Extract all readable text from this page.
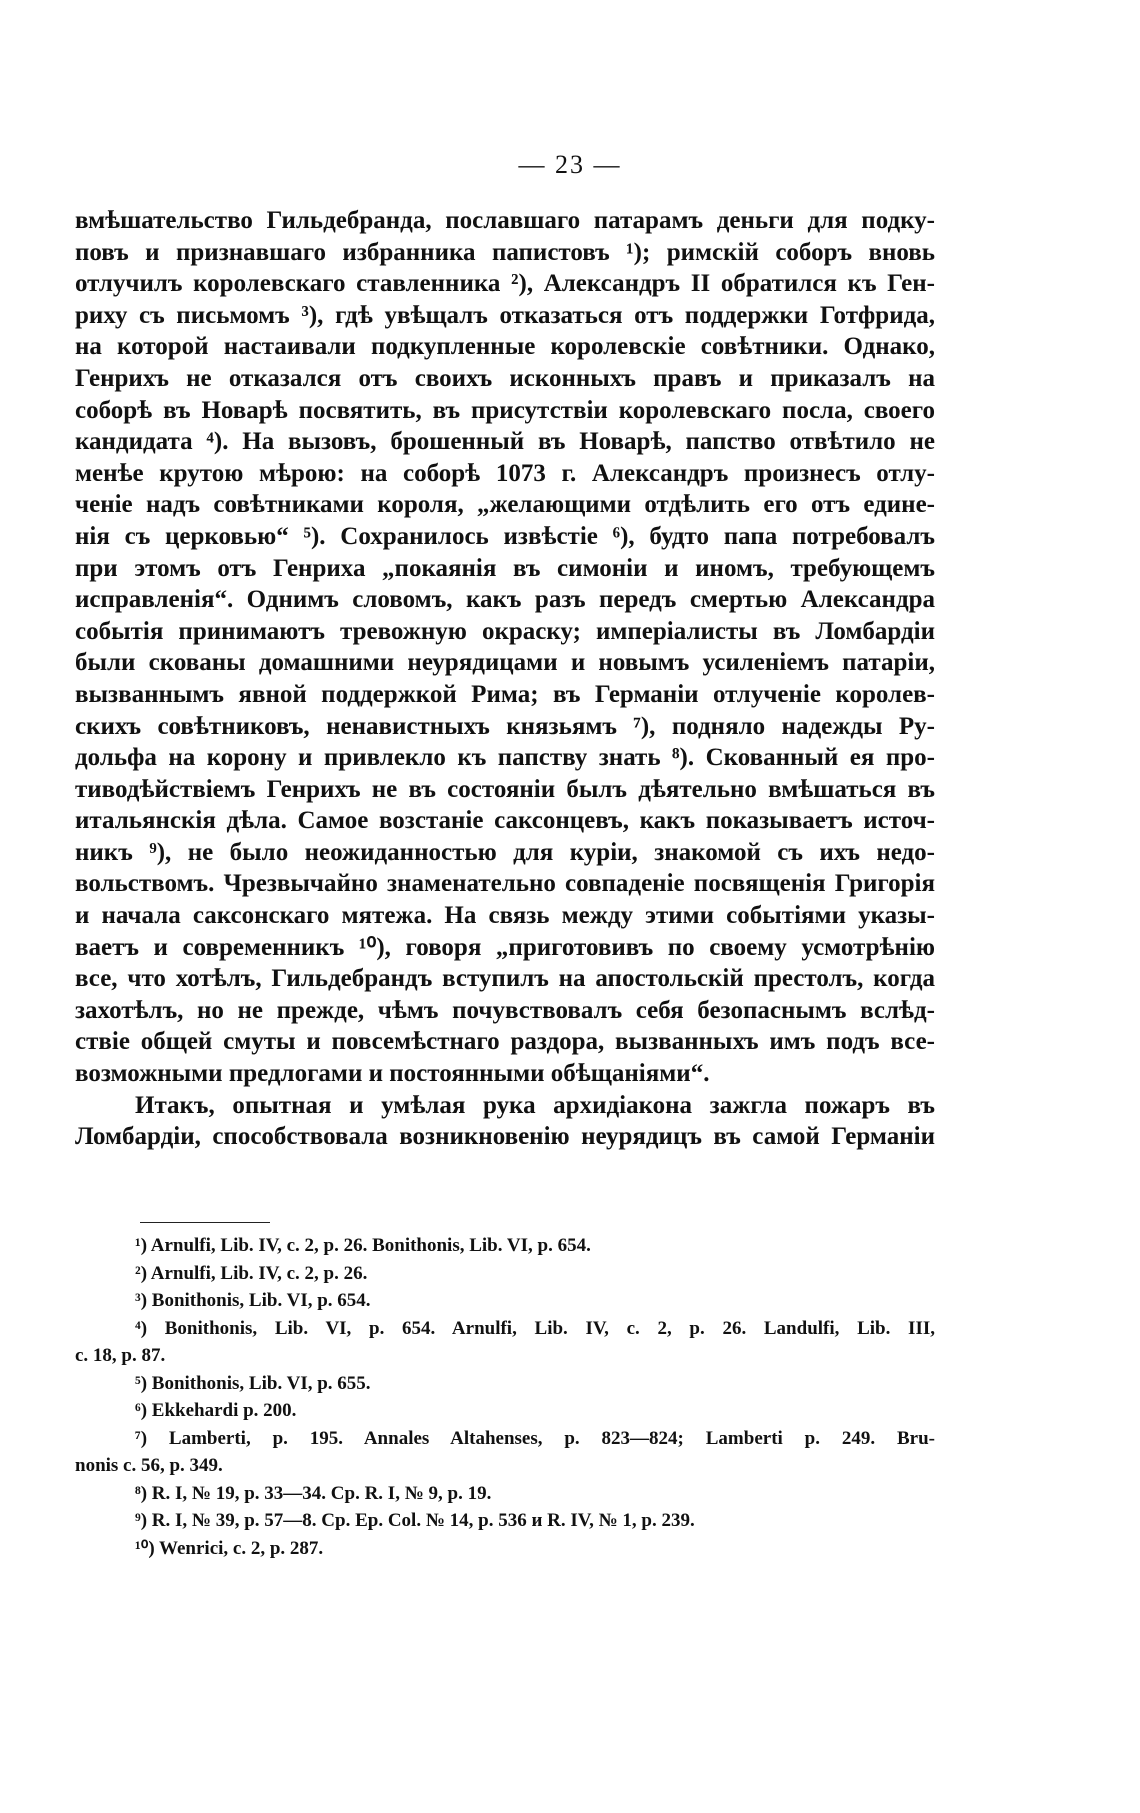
— 23 —
вмѣшательство Гильдебранда, пославшаго патарамъ деньги для подку-
повъ и признавшаго избранника папистовъ ¹); римскій соборъ вновь
отлучилъ королевскаго ставленника ²), Александръ II обратился къ Ген-
риху съ письмомъ ³), гдѣ увѣщалъ отказаться отъ поддержки Готфрида,
на которой настаивали подкупленные королевскіе совѣтники. Однако,
Генрихъ не отказался отъ своихъ исконныхъ правъ и приказалъ на
соборѣ въ Новарѣ посвятить, въ присутствіи королевскаго посла, своего
кандидата ⁴). На вызовъ, брошенный въ Новарѣ, папство отвѣтило не
менѣе крутою мѣрою: на соборѣ 1073 г. Александръ произнесъ отлу-
ченіе надъ совѣтниками короля, „желающими отдѣлить его отъ едине-
нія съ церковью“ ⁵). Сохранилось извѣстіе ⁶), будто папа потребовалъ
при этомъ отъ Генриха „покаянія въ симоніи и иномъ, требующемъ
исправленія“. Однимъ словомъ, какъ разъ передъ смертью Александра
событія принимаютъ тревожную окраску; имперіалисты въ Ломбардіи
были скованы домашними неурядицами и новымъ усиленіемъ патаріи,
вызваннымъ явной поддержкой Рима; въ Германіи отлученіе королев-
скихъ совѣтниковъ, ненавистныхъ князьямъ ⁷), подняло надежды Ру-
дольфа на корону и привлекло къ папству знать ⁸). Скованный ея про-
тиводѣйствіемъ Генрихъ не въ состояніи былъ дѣятельно вмѣшаться въ
итальянскія дѣла. Самое возстаніе саксонцевъ, какъ показываетъ источ-
никъ ⁹), не было неожиданностью для куріи, знакомой съ ихъ недо-
вольствомъ. Чрезвычайно знаменательно совпаденіе посвященія Григорія
и начала саксонскаго мятежа. На связь между этими событіями указы-
ваетъ и современникъ ¹⁰), говоря „приготовивъ по своему усмотрѣнію
все, что хотѣлъ, Гильдебрандъ вступилъ на апостольскій престолъ, когда
захотѣлъ, но не прежде, чѣмъ почувствовалъ себя безопаснымъ вслѣд-
ствіе общей смуты и повсемѣстнаго раздора, вызванныхъ имъ подъ все-
возможными предлогами и постоянными обѣщаніями“.
Итакъ, опытная и умѣлая рука архидіакона зажгла пожаръ въ
Ломбардіи, способствовала возникновенію неурядицъ въ самой Германіи
¹) Arnulfi, Lib. IV, c. 2, p. 26. Bonithonis, Lib. VI, p. 654.
²) Arnulfi, Lib. IV, c. 2, p. 26.
³) Bonithonis, Lib. VI, p. 654.
⁴) Bonithonis, Lib. VI, p. 654. Arnulfi, Lib. IV, c. 2, p. 26. Landulfi, Lib. III,
c. 18, p. 87.
⁵) Bonithonis, Lib. VI, p. 655.
⁶) Ekkehardi p. 200.
⁷) Lamberti, p. 195. Annales Altahenses, p. 823—824; Lamberti p. 249. Bru-
nonis c. 56, p. 349.
⁸) R. I, № 19, p. 33—34. Cp. R. I, № 9, p. 19.
⁹) R. I, № 39, p. 57—8. Cp. Ep. Col. № 14, p. 536 и R. IV, № 1, p. 239.
¹⁰) Wenrici, c. 2, p. 287.
